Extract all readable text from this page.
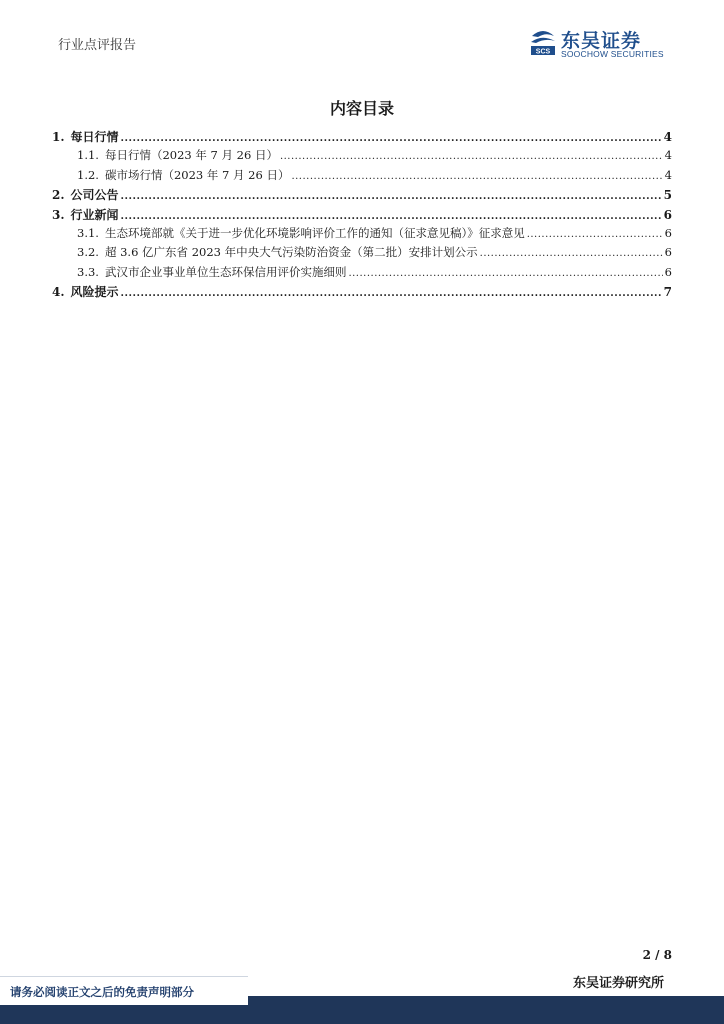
行业点评报告	SCS 东吴证券
SOOCHOW SECURITIES
内容目录
1. 每日行情 .....	4
1.1. 每日行情（2023 年 7 月 26 日） .....	4
1.2. 碳市场行情（2023 年 7 月 26 日） .....	4
2. 公司公告 .....	5
3. 行业新闻 .....	6
3.1. 生态环境部就《关于进一步优化环境影响评价工作的通知（征求意见稿）》征求意见 .....	6
3.2. 超 3.6 亿广东省 2023 年中央大气污染防治资金（第二批）安排计划公示 .....	6
3.3. 武汉市企业事业单位生态环保信用评价实施细则 .....	6
4. 风险提示 .....	7
2 / 8
东吴证券研究所
请务必阅读正文之后的免责声明部分
